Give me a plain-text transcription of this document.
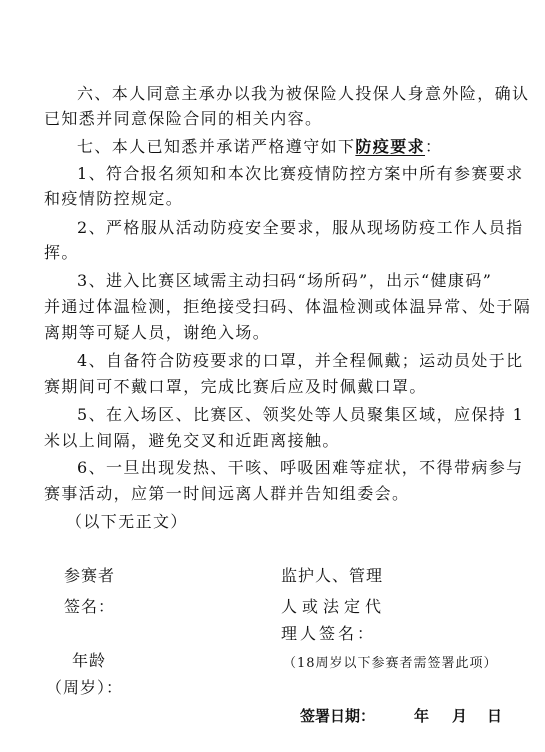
六、本人同意主承办以我为被保险人投保人身意外险，确认
已知悉并同意保险合同的相关内容。
七、本人已知悉并承诺严格遵守如下防疫要求：
1、符合报名须知和本次比赛疫情防控方案中所有参赛要求
和疫情防控规定。
2、严格服从活动防疫安全要求，服从现场防疫工作人员指
挥。
3、进入比赛区域需主动扫码“场所码”，出示“健康码”
并通过体温检测，拒绝接受扫码、体温检测或体温异常、处于隔
离期等可疑人员，谢绝入场。
4、自备符合防疫要求的口罩，并全程佩戴；运动员处于比
赛期间可不戴口罩，完成比赛后应及时佩戴口罩。
5、在入场区、比赛区、领奖处等人员聚集区域，应保持 1
米以上间隔，避免交叉和近距离接触。
6、一旦出现发热、干咳、呼吸困难等症状，不得带病参与
赛事活动，应第一时间远离人群并告知组委会。
（以下无正文）
参赛者
签名：
监护人、管理
人或法定代
理人签名：
年龄
（周岁）：
（18周岁以下参赛者需签署此项）
签署日期：	年 月 日
